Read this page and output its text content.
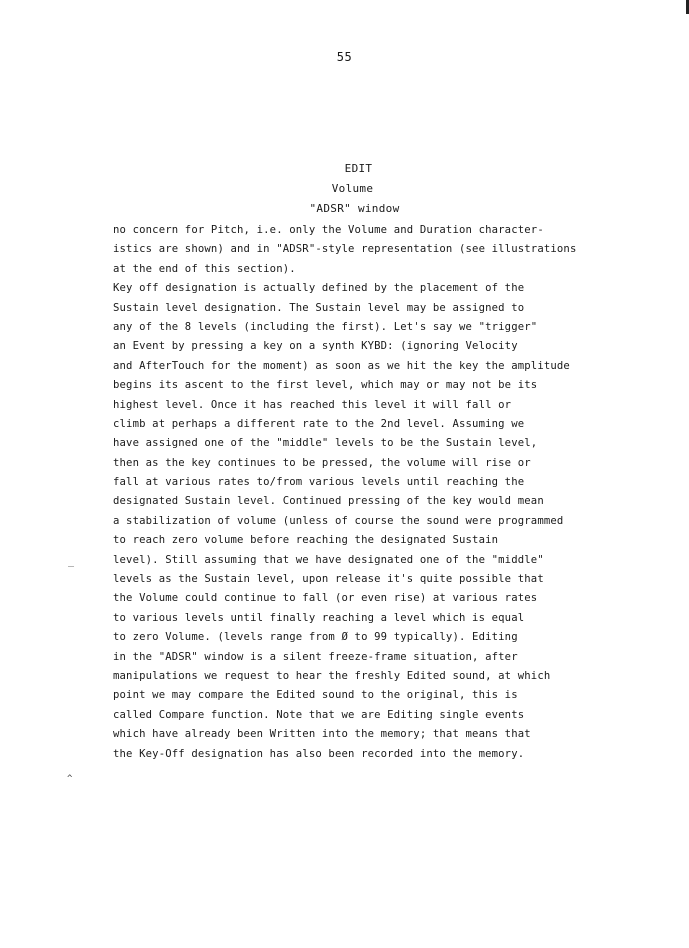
55
EDIT
Volume
"ADSR" window
no concern for Pitch, i.e. only the Volume and Duration character-
istics are shown) and in "ADSR"-style representation (see illustrations
at the end of this section).
Key off designation is actually defined by the placement of the
Sustain level designation. The Sustain level may be assigned to
any of the 8 levels (including the first). Let's say we "trigger"
an Event by pressing a key on a synth KYBD: (ignoring Velocity
and AfterTouch for the moment) as soon as we hit the key the amplitude
begins its ascent to the first level, which may or may not be its
highest level. Once it has reached this level it will fall or
climb at perhaps a different rate to the 2nd level. Assuming we
have assigned one of the "middle" levels to be the Sustain level,
then as the key continues to be pressed, the volume will rise or
fall at various rates to/from various levels until reaching the
designated Sustain level. Continued pressing of the key would mean
a stabilization of volume (unless of course the sound were programmed
to reach zero volume before reaching the designated Sustain
level). Still assuming that we have designated one of the "middle"
levels as the Sustain level, upon release it's quite possible that
the Volume could continue to fall (or even rise) at various rates
to various levels until finally reaching a level which is equal
to zero Volume. (levels range from Ø to 99 typically). Editing
in the "ADSR" window is a silent freeze-frame situation, after
manipulations we request to hear the freshly Edited sound, at which
point we may compare the Edited sound to the original, this is
called Compare function. Note that we are Editing single events
which have already been Written into the memory; that means that
the Key-Off designation has also been recorded into the memory.
_
^
